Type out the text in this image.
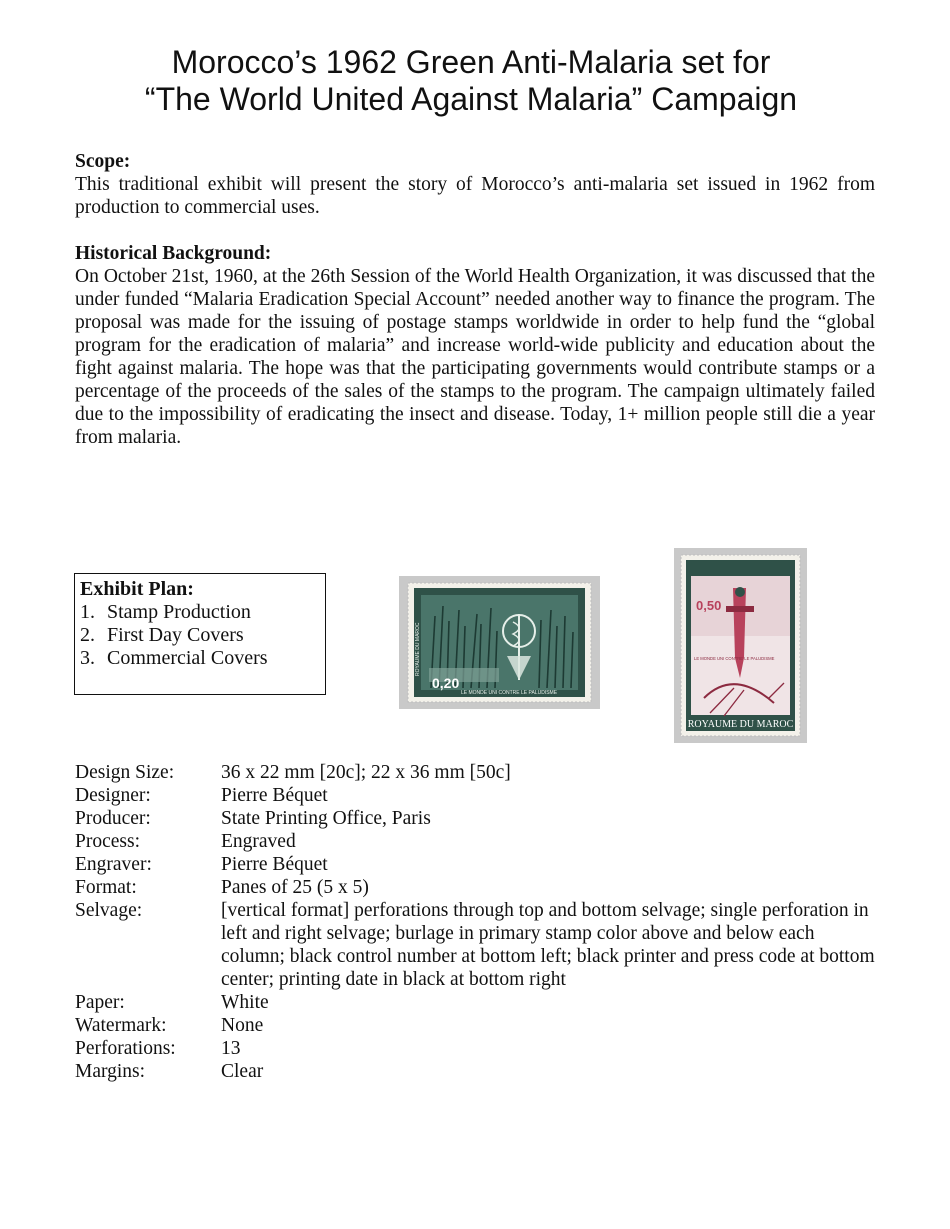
Morocco’s 1962 Green Anti-Malaria set for
“The World United Against Malaria” Campaign
Scope:

This traditional exhibit will present the story of Morocco’s anti-malaria set issued in 1962 from production to commercial uses.

Historical Background:

On October 21st, 1960, at the 26th Session of the World Health Organization, it was discussed that the under funded “Malaria Eradication Special Account” needed another way to finance the program. The proposal was made for the issuing of postage stamps worldwide in order to help fund the “global program for the eradication of malaria” and increase world-wide publicity and education about the fight against malaria. The hope was that the participating governments would contribute stamps or a percentage of the proceeds of the sales of the stamps to the program. The campaign ultimately failed due to the impossibility of eradicating the insect and disease. Today, 1+ million people still die a year from malaria.

Exhibit Plan:
1. Stamp Production
2. First Day Covers
3. Commercial Covers
0,20
LE MONDE UNI CONTRE LE PALUDISME
ROYAUME DU MAROC
0,50
LE MONDE UNI CONTRE LE PALUDISME
ROYAUME DU MAROC
Design Size:	36 x 22 mm [20c]; 22 x 36 mm [50c]
Designer:	Pierre Béquet
Producer:	State Printing Office, Paris
Process:	Engraved
Engraver:	Pierre Béquet
Format:	Panes of 25 (5 x 5)
Selvage:	[vertical format] perforations through top and bottom selvage; single perforation in left and right selvage; burlage in primary stamp color above and below each column; black control number at bottom left; black printer and press code at bottom center; printing date in black at bottom right
Paper:	White
Watermark:	None
Perforations:	13
Margins:	Clear
